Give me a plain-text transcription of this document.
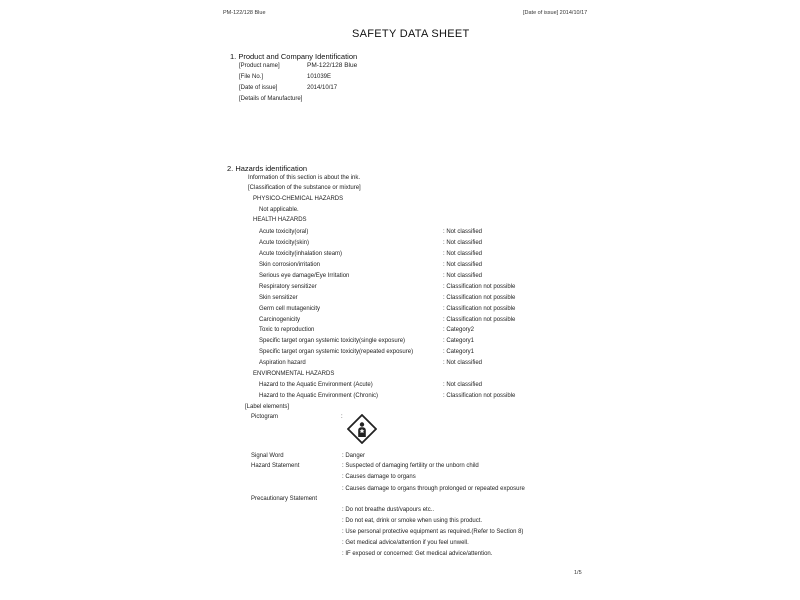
PM-122/128 Blue	[Date of issue] 2014/10/17
SAFETY DATA SHEET
1. Product and Company Identification
[Product name]	PM-122/128 Blue
[File No.]	101039E
[Date of issue]	2014/10/17
[Details of Manufacture]
2. Hazards identification
Information of this section is about the ink.
[Classification of the substance or mixture]
PHYSICO-CHEMICAL HAZARDS
Not applicable.
HEALTH HAZARDS
Acute toxicity(oral)	: Not classified
Acute toxicity(skin)	: Not classified
Acute toxicity(inhalation steam)	: Not classified
Skin corrosion/irritation	: Not classified
Serious eye damage/Eye Irritation	: Not classified
Respiratory sensitizer	: Classification not possible
Skin sensitizer	: Classification not possible
Germ cell mutagenicity	: Classification not possible
Carcinogenicity	: Classification not possible
Toxic to reproduction	: Category2
Specific target organ systemic toxicity(single exposure)	: Category1
Specific target organ systemic toxicity(repeated exposure)	: Category1
Aspiration hazard	: Not classified
ENVIRONMENTAL HAZARDS
Hazard to the Aquatic Environment (Acute)	: Not classified
Hazard to the Aquatic Environment (Chronic)	: Classification not possible
[Label elements]
Pictogram	:
Signal Word	: Danger
Hazard Statement	: Suspected of damaging fertility or the unborn child
: Causes damage to organs
: Causes damage to organs through prolonged or repeated exposure
Precautionary Statement
: Do not breathe dust/vapours etc..
: Do not eat, drink or smoke when using this product.
: Use personal protective equipment as required.(Refer to Section 8)
: Get medical advice/attention if you feel unwell.
: IF exposed or concerned: Get medical advice/attention.
1/5
